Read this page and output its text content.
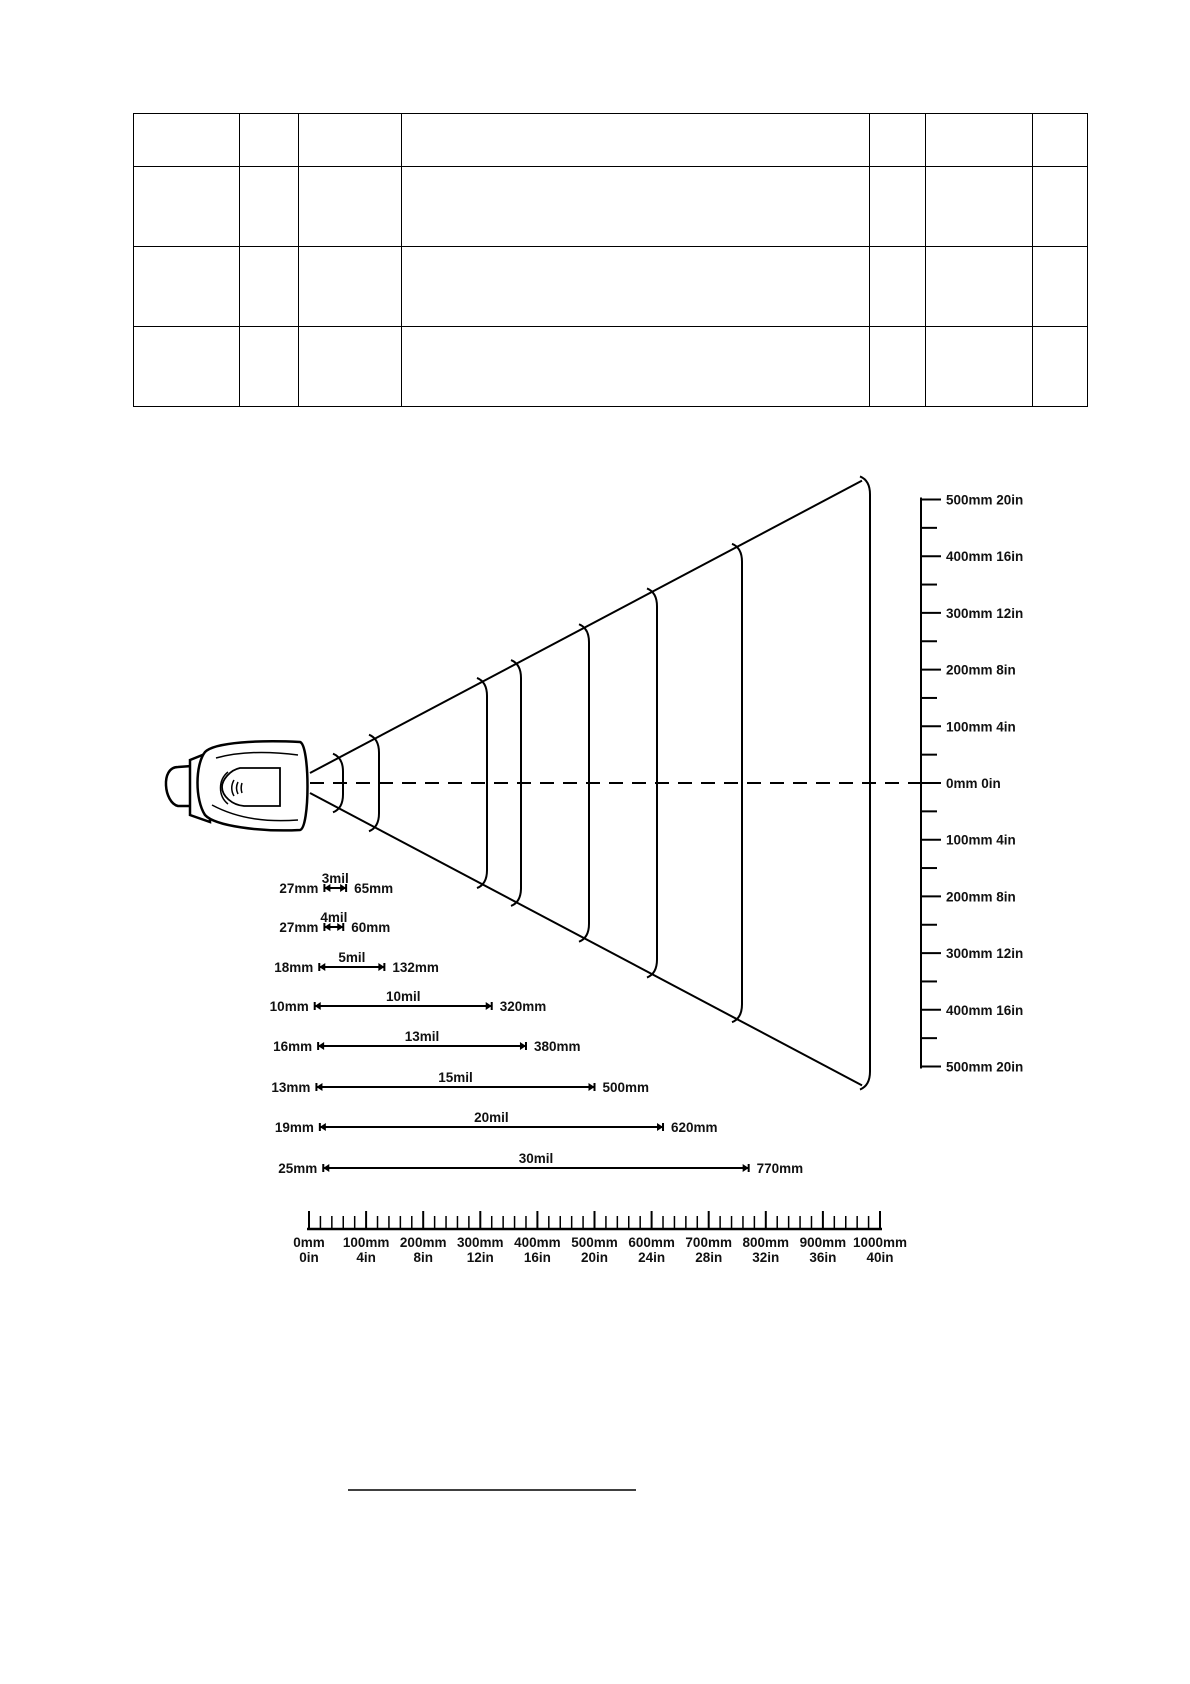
500mm 20in
400mm 16in
300mm 12in
200mm 8in
100mm 4in
0mm 0in
100mm 4in
200mm 8in
300mm 12in
400mm 16in
500mm 20in
27mm	65mm
3mil
27mm 60mm
4mil
18mm	132mm
5mil
10mm	320mm
10mil
16mm	380mm
13mil
13mm	500mm
15mil
19mm	620mm
20mil
25mm	770mm
30mil
0mm
0in
100mm
4in
200mm
8in
300mm
12in
400mm
16in
500mm
20in
600mm
24in
700mm
28in
800mm
32in
900mm
36in
1000mm
40in
